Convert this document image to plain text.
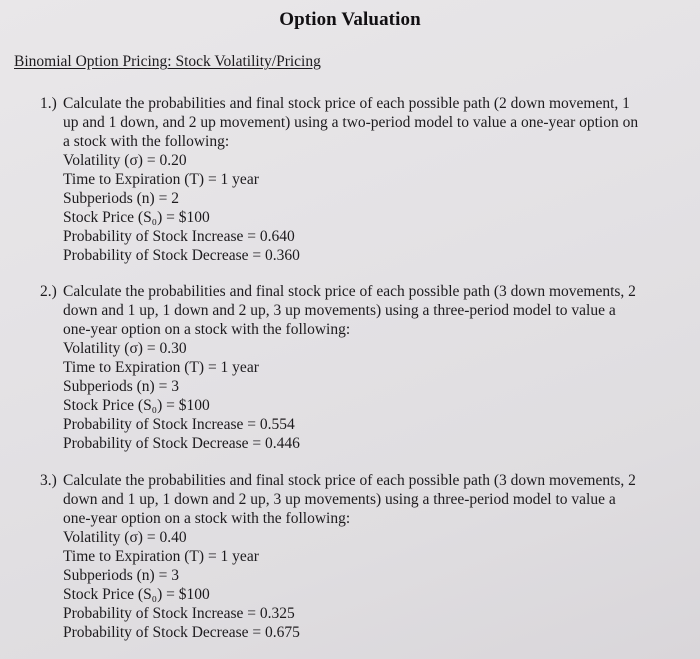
Option Valuation
Binomial Option Pricing: Stock Volatility/Pricing
1.) Calculate the probabilities and final stock price of each possible path (2 down movement, 1
up and 1 down, and 2 up movement) using a two-period model to value a one-year option on
a stock with the following:
Volatility (σ) = 0.20
Time to Expiration (T) = 1 year
Subperiods (n) = 2
Stock Price (S₀) = $100
Probability of Stock Increase = 0.640
Probability of Stock Decrease = 0.360
2.) Calculate the probabilities and final stock price of each possible path (3 down movements, 2
down and 1 up, 1 down and 2 up, 3 up movements) using a three-period model to value a
one-year option on a stock with the following:
Volatility (σ) = 0.30
Time to Expiration (T) = 1 year
Subperiods (n) = 3
Stock Price (S₀) = $100
Probability of Stock Increase = 0.554
Probability of Stock Decrease = 0.446
3.) Calculate the probabilities and final stock price of each possible path (3 down movements, 2
down and 1 up, 1 down and 2 up, 3 up movements) using a three-period model to value a
one-year option on a stock with the following:
Volatility (σ) = 0.40
Time to Expiration (T) = 1 year
Subperiods (n) = 3
Stock Price (S₀) = $100
Probability of Stock Increase = 0.325
Probability of Stock Decrease = 0.675
